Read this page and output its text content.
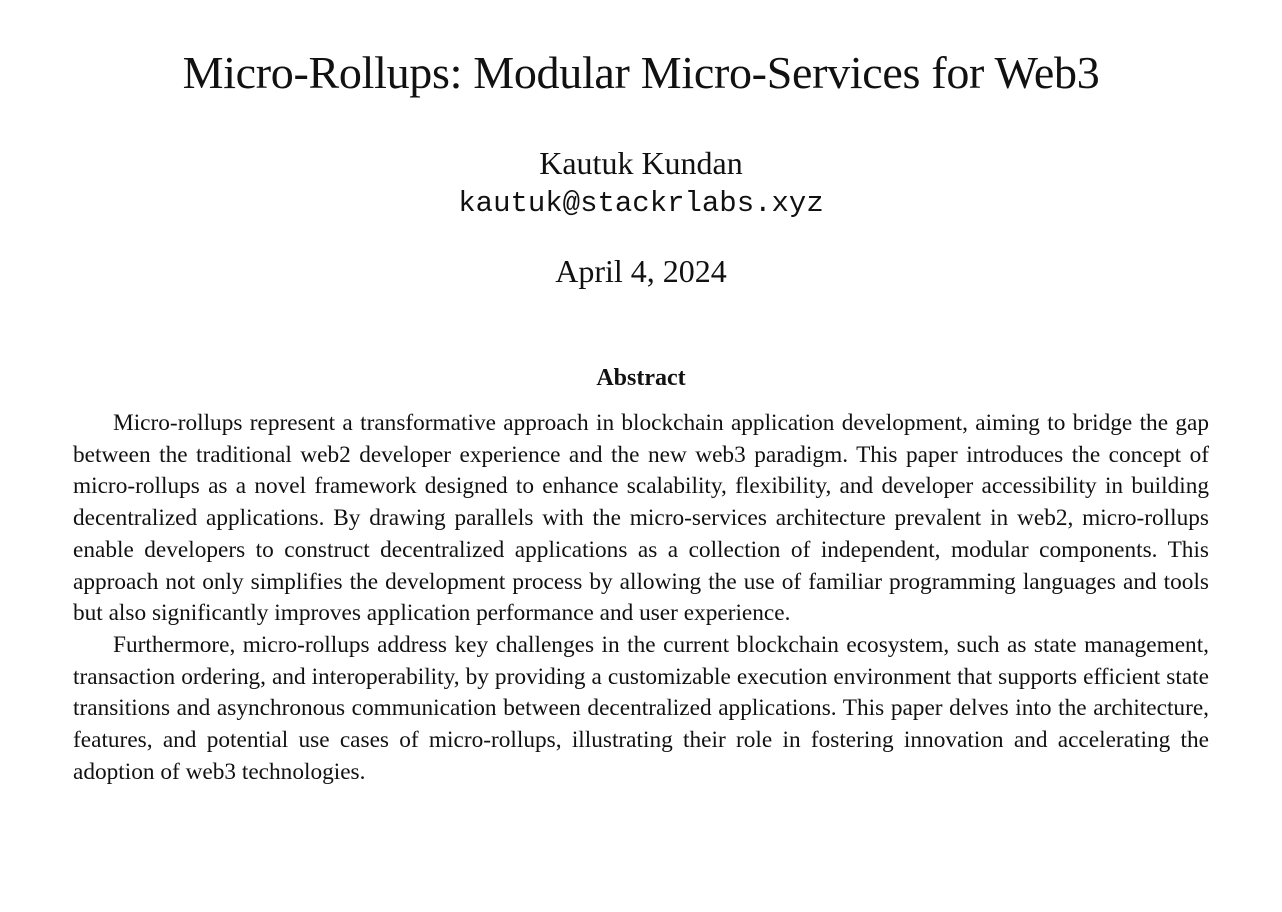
Micro-Rollups: Modular Micro-Services for Web3
Kautuk Kundan
kautuk@stackrlabs.xyz
April 4, 2024
Abstract

Micro-rollups represent a transformative approach in blockchain application development, aiming to bridge the gap between the traditional web2 developer experience and the new web3 paradigm. This paper introduces the concept of micro-rollups as a novel framework designed to enhance scalability, flexibility, and developer accessibility in building decentralized applications. By drawing parallels with the micro-services architecture prevalent in web2, micro-rollups enable developers to construct decentralized applications as a collection of independent, modular components. This approach not only simplifies the development process by allowing the use of familiar programming languages and tools but also significantly improves application performance and user experience.

Furthermore, micro-rollups address key challenges in the current blockchain ecosystem, such as state management, transaction ordering, and interoperability, by providing a customizable execution environment that supports efficient state transitions and asynchronous communication between decentralized applications. This paper delves into the architecture, features, and potential use cases of micro-rollups, illustrating their role in fostering innovation and accelerating the adoption of web3 technologies.
